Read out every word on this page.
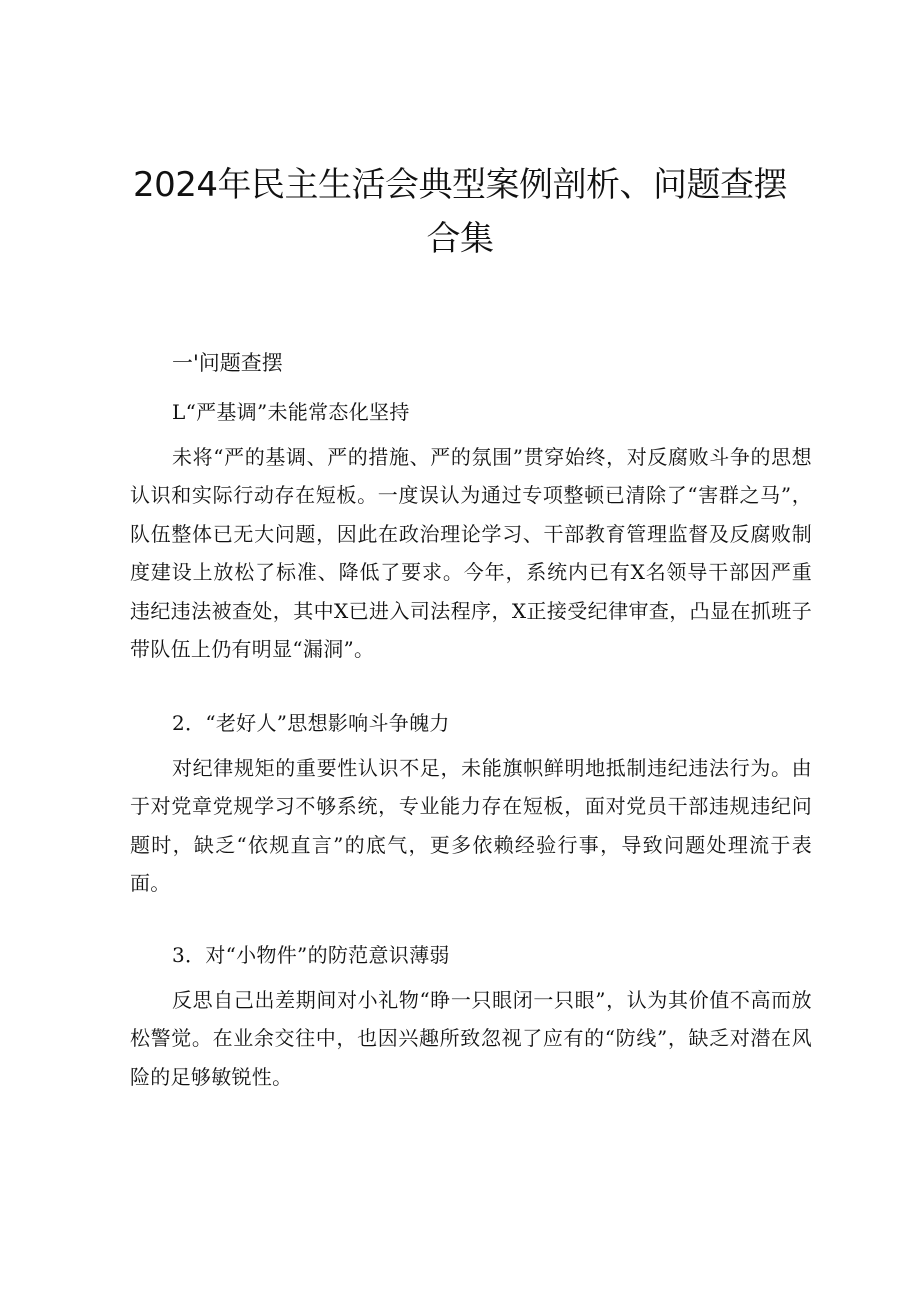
2024年民主生活会典型案例剖析、问题查摆
合集
一'问题查摆
L“严基调”未能常态化坚持

未将“严的基调、严的措施、严的氛围”贯穿始终，对反腐败斗争的思想认识和实际行动存在短板。一度误认为通过专项整顿已清除了“害群之马”，队伍整体已无大问题，因此在政治理论学习、干部教育管理监督及反腐败制度建设上放松了标准、降低了要求。今年，系统内已有X名领导干部因严重违纪违法被查处，其中X已进入司法程序，X正接受纪律审查，凸显在抓班子带队伍上仍有明显“漏洞”。

2．“老好人”思想影响斗争魄力

对纪律规矩的重要性认识不足，未能旗帜鲜明地抵制违纪违法行为。由于对党章党规学习不够系统，专业能力存在短板，面对党员干部违规违纪问题时，缺乏“依规直言”的底气，更多依赖经验行事，导致问题处理流于表面。

3．对“小物件”的防范意识薄弱

反思自己出差期间对小礼物“睁一只眼闭一只眼”，认为其价值不高而放松警觉。在业余交往中，也因兴趣所致忽视了应有的“防线”，缺乏对潜在风险的足够敏锐性。
